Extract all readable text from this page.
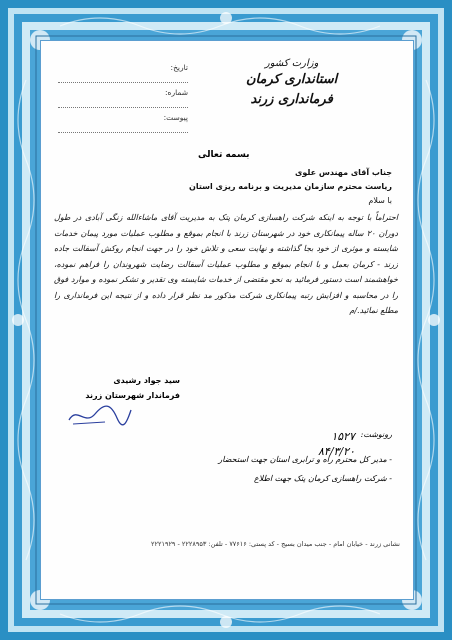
تاریخ:
شماره:
پیوست:
وزارت کشور
استانداری کرمان
فرمانداری زرند
بسمه تعالی
جناب آقای مهندس علوی
ریاست محترم سازمان مدیریت و برنامه ریزی استان
با سلام
احتراماً با توجه به اینکه شرکت راهسازی کرمان پتک به مدیریت آقای ماشاءالله زنگی آبادی در طول دوران ۲۰ ساله پیمانکاری خود در شهرستان زرند با انجام بموقع و مطلوب عملیات مورد پیمان خدمات شایسته و موثری از خود بجا گذاشته و نهایت سعی و تلاش خود را در جهت انجام روکش آسفالت جاده زرند - کرمان بعمل و با انجام بموقع و مطلوب عملیات آسفالت رضایت شهروندان را فراهم نموده، خواهشمند است دستور فرمائید به نحو مقتضی از خدمات شایسته وی تقدیر و تشکر نموده و موارد فوق را در محاسبه و افزایش رتبه پیمانکاری شرکت مذکور مد نظر قرار داده و از نتیجه این فرمانداری را مطلع نمائید./م
سید جواد رشیدی
فرماندار شهرستان زرند
۱۵۲۷
۸۴/۳/۲۰
رونوشت:
- مدیر کل محترم راه و ترابری استان جهت استحضار
- شرکت راهسازی کرمان پتک جهت اطلاع
نشانی زرند - خیابان امام - جنب میدان بسیج - کد پستی: ۷۷۶۱۶ - تلفن: ۲۲۲۸۹۵۳ - ۲۲۲۱۹۲۹
